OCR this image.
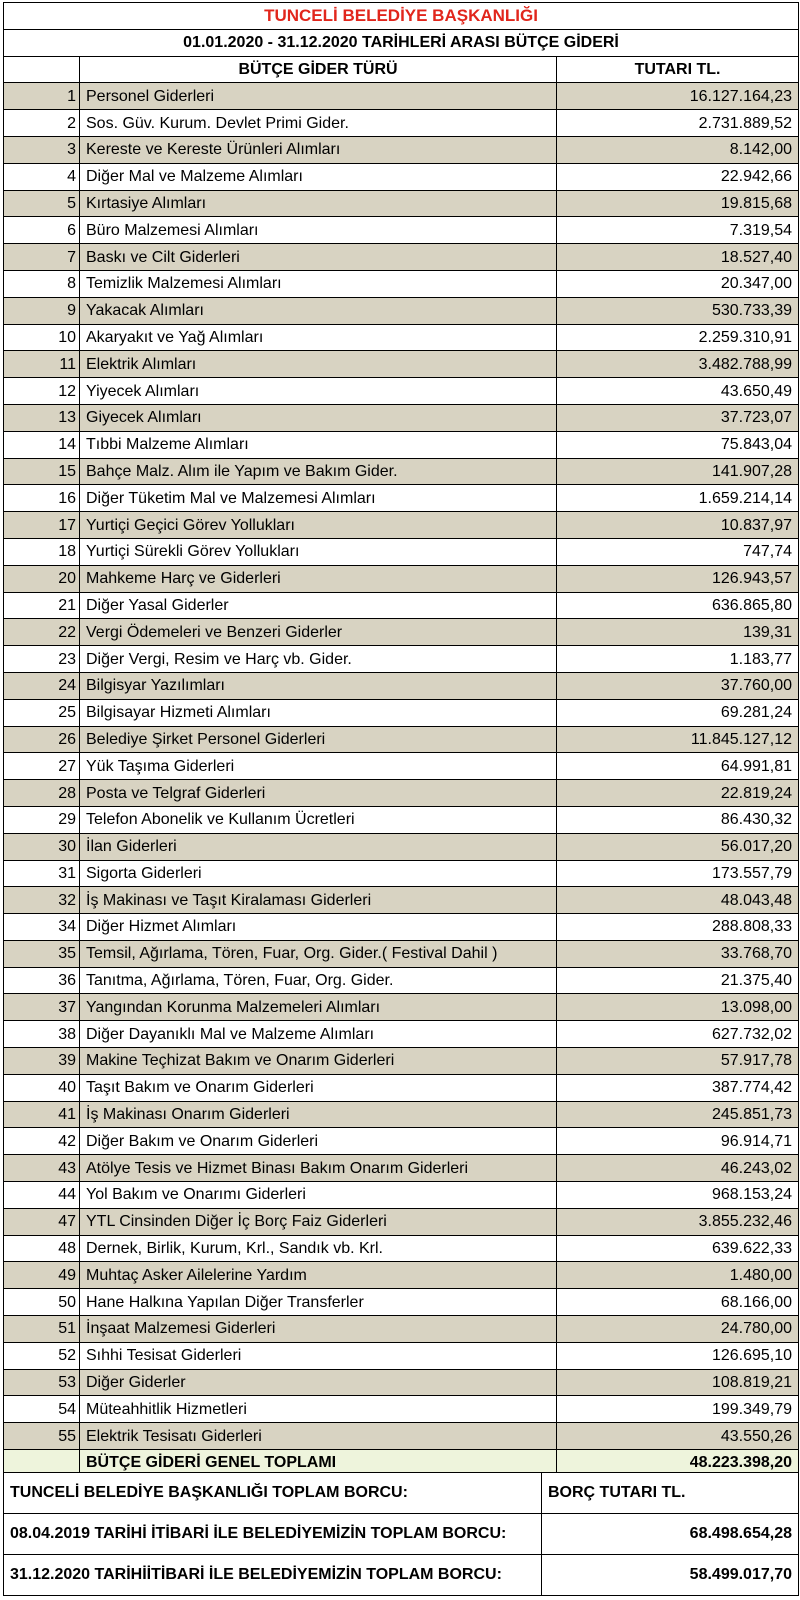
TUNCELİ BELEDİYE BAŞKANLIĞI		
01.01.2020 - 31.12.2020 TARİHLERİ ARASI BÜTÇE GİDERİ		
	BÜTÇE GİDER TÜRÜ	TUTARI TL.
1	Personel Giderleri	16.127.164,23
2	Sos. Güv. Kurum. Devlet Primi Gider.	2.731.889,52
3	Kereste ve Kereste Ürünleri Alımları	8.142,00
4	Diğer Mal ve Malzeme Alımları	22.942,66
5	Kırtasiye Alımları	19.815,68
6	Büro Malzemesi Alımları	7.319,54
7	Baskı ve Cilt Giderleri	18.527,40
8	Temizlik Malzemesi Alımları	20.347,00
9	Yakacak Alımları	530.733,39
10	Akaryakıt ve Yağ Alımları	2.259.310,91
11	Elektrik Alımları	3.482.788,99
12	Yiyecek Alımları	43.650,49
13	Giyecek Alımları	37.723,07
14	Tıbbi Malzeme Alımları	75.843,04
15	Bahçe Malz. Alım ile Yapım ve Bakım Gider.	141.907,28
16	Diğer Tüketim Mal ve Malzemesi Alımları	1.659.214,14
17	Yurtiçi Geçici Görev Yollukları	10.837,97
18	Yurtiçi Sürekli Görev Yollukları	747,74
20	Mahkeme Harç ve Giderleri	126.943,57
21	Diğer Yasal Giderler	636.865,80
22	Vergi Ödemeleri ve Benzeri Giderler	139,31
23	Diğer Vergi, Resim ve Harç vb. Gider.	1.183,77
24	Bilgisyar Yazılımları	37.760,00
25	Bilgisayar Hizmeti Alımları	69.281,24
26	Belediye Şirket Personel Giderleri	11.845.127,12
27	Yük Taşıma Giderleri	64.991,81
28	Posta ve Telgraf Giderleri	22.819,24
29	Telefon Abonelik ve Kullanım Ücretleri	86.430,32
30	İlan Giderleri	56.017,20
31	Sigorta Giderleri	173.557,79
32	İş Makinası ve Taşıt Kiralaması Giderleri	48.043,48
34	Diğer Hizmet Alımları	288.808,33
35	Temsil, Ağırlama, Tören, Fuar, Org. Gider.( Festival Dahil )	33.768,70
36	Tanıtma, Ağırlama, Tören, Fuar, Org. Gider.	21.375,40
37	Yangından Korunma Malzemeleri Alımları	13.098,00
38	Diğer Dayanıklı Mal ve Malzeme Alımları	627.732,02
39	Makine Teçhizat Bakım ve Onarım Giderleri	57.917,78
40	Taşıt Bakım ve Onarım Giderleri	387.774,42
41	İş Makinası Onarım Giderleri	245.851,73
42	Diğer Bakım ve Onarım Giderleri	96.914,71
43	Atölye Tesis ve Hizmet Binası Bakım Onarım Giderleri	46.243,02
44	Yol Bakım ve Onarımı Giderleri	968.153,24
47	YTL Cinsinden Diğer İç Borç Faiz Giderleri	3.855.232,46
48	Dernek, Birlik, Kurum, Krl., Sandık vb. Krl.	639.622,33
49	Muhtaç Asker Ailelerine Yardım	1.480,00
50	Hane Halkına Yapılan Diğer Transferler	68.166,00
51	İnşaat Malzemesi Giderleri	24.780,00
52	Sıhhi Tesisat Giderleri	126.695,10
53	Diğer Giderler	108.819,21
54	Müteahhitlik Hizmetleri	199.349,79
55	Elektrik Tesisatı Giderleri	43.550,26
	BÜTÇE GİDERİ GENEL TOPLAMI	48.223.398,20
TUNCELİ BELEDİYE BAŞKANLIĞI TOPLAM BORCU:	BORÇ TUTARI TL.
08.04.2019 TARİHİ İTİBARİ İLE BELEDİYEMİZİN TOPLAM BORCU:	68.498.654,28
31.12.2020 TARİHİİTİBARİ İLE BELEDİYEMİZİN TOPLAM BORCU:	58.499.017,70
